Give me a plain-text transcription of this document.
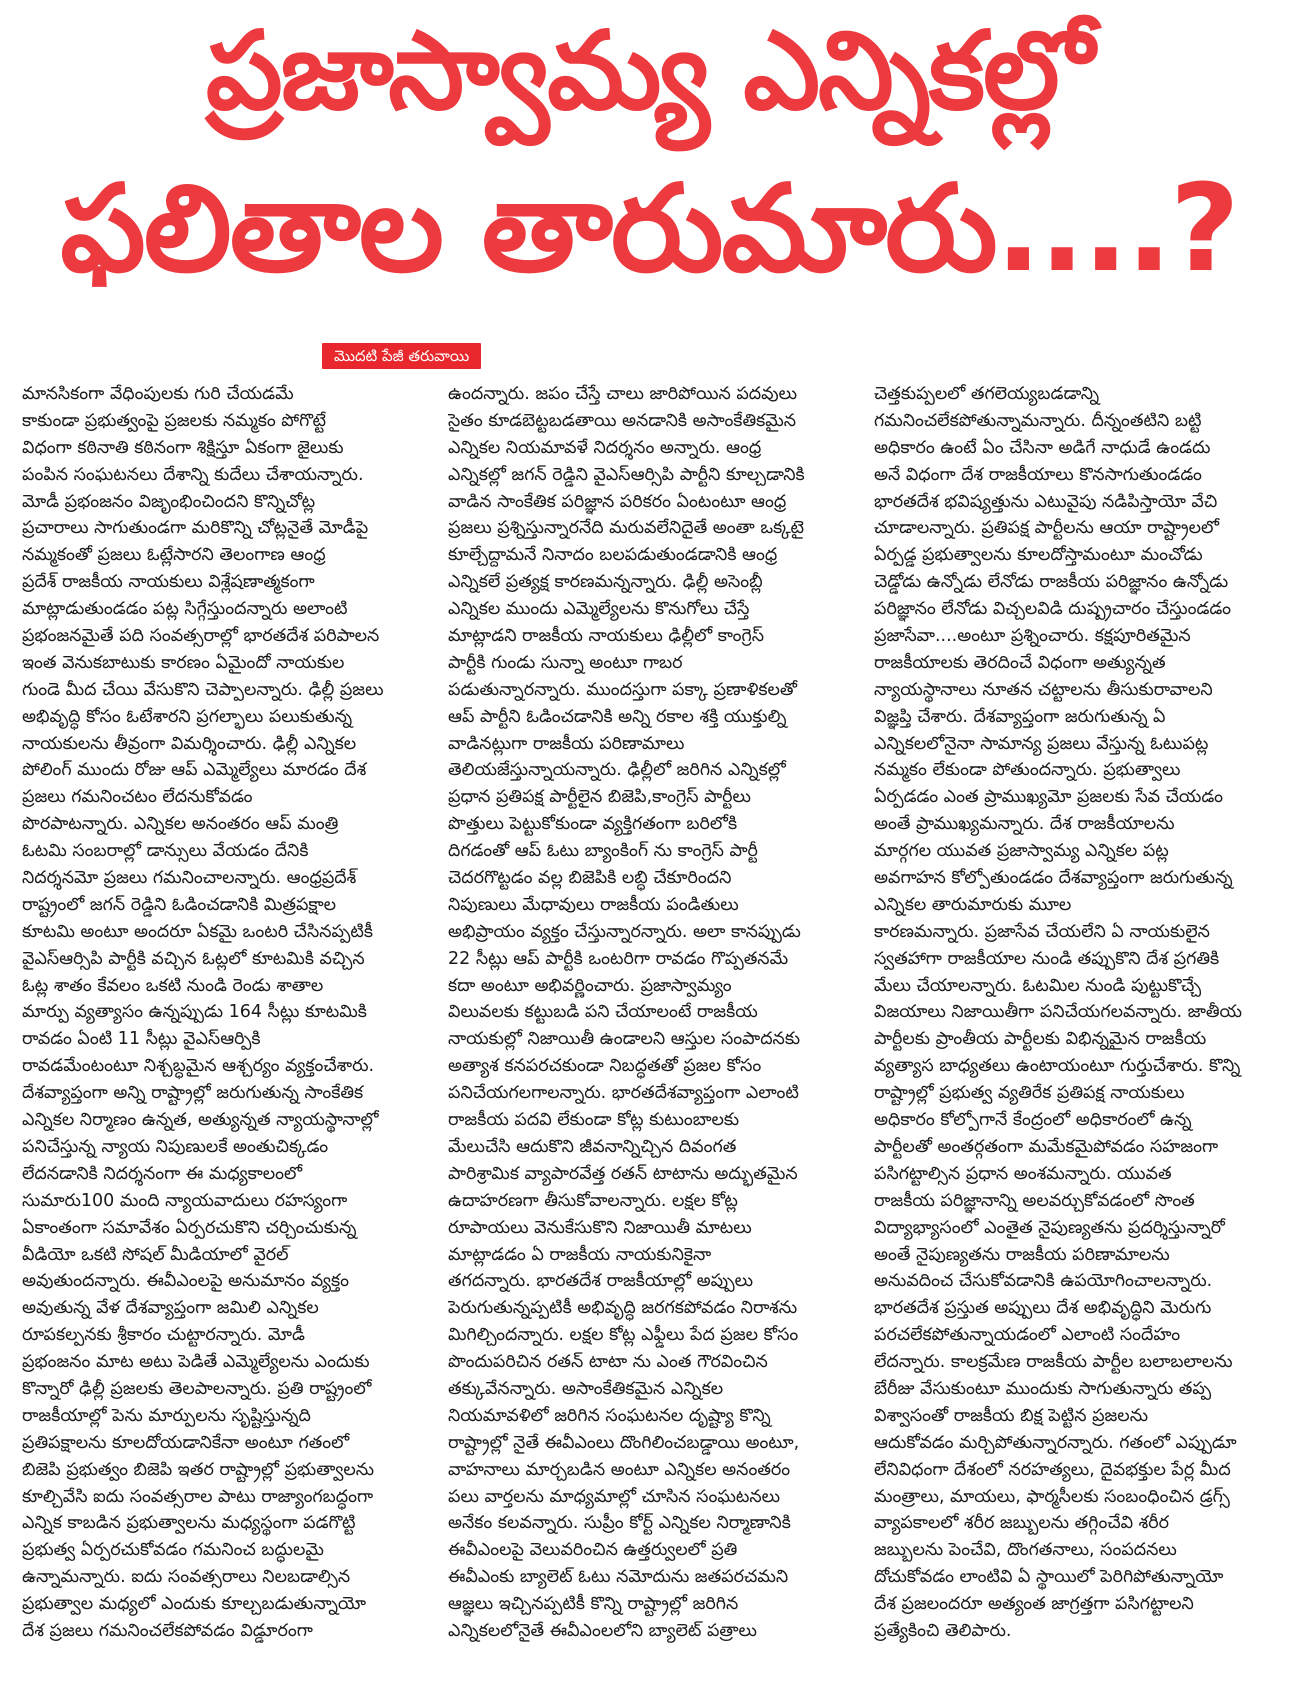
ప్రజాస్వామ్య ఎన్నికల్లో
ఫలితాల తారుమారు....?
మొదటి పేజీ తరువాయి
మానసికంగా వేధింపులకు గురి చేయడమే
కాకుండా ప్రభుత్వంపై ప్రజలకు నమ్మకం పోగొట్టే
విధంగా కఠినాతి కఠినంగా శిక్షిస్తూ ఏకంగా జైలుకు
పంపిన సంఘటనలు దేశాన్ని కుదేలు చేశాయన్నారు.
మోడీ ప్రభంజనం విజృంభించిందని కొన్నిచోట్ల
ప్రచారాలు సాగుతుండగా మరికొన్ని చోట్లనైతే మోడీపై
నమ్మకంతో ప్రజలు ఓట్లేసారని తెలంగాణ ఆంధ్ర
ప్రదేశ్ రాజకీయ నాయకులు విశ్లేషణాత్మకంగా
మాట్లాడుతుండడం పట్ల సిగ్గేస్తుందన్నారు అలాంటి
ప్రభంజనమైతే పది సంవత్సరాల్లో భారతదేశ పరిపాలన
ఇంత వెనుకబాటుకు కారణం ఏమైందో నాయకుల
గుండె మీద చేయి వేసుకొని చెప్పాలన్నారు. ఢిల్లీ ప్రజలు
అభివృద్ధి కోసం ఓటేశారని ప్రగల్భాలు పలుకుతున్న
నాయకులను తీవ్రంగా విమర్శించారు. ఢిల్లీ ఎన్నికల
పోలింగ్ ముందు రోజు ఆప్ ఎమ్మెల్యేలు మారడం దేశ
ప్రజలు గమనించటం లేదనుకోవడం
పొరపాటన్నారు. ఎన్నికల అనంతరం ఆప్ మంత్రి
ఓటమి సంబరాల్లో డాన్సులు వేయడం దేనికి
నిదర్శనమో ప్రజలు గమనించాలన్నారు. ఆంధ్రప్రదేశ్
రాష్ట్రంలో జగన్ రెడ్డిని ఓడించడానికి మిత్రపక్షాల
కూటమి అంటూ అందరూ ఏకమై ఒంటరి చేసినప్పటికీ
వైఎస్ఆర్సిపి పార్టీకి వచ్చిన ఓట్లలో కూటమికి వచ్చిన
ఓట్ల శాతం కేవలం ఒకటి నుండి రెండు శాతాల
మార్పు వ్యత్యాసం ఉన్నప్పుడు 164 సీట్లు కూటమికి
రావడం ఏంటి 11 సీట్లు వైఎస్ఆర్పికి
రావడమేంటంటూ నిశ్చబ్ధమైన ఆశ్చర్యం వ్యక్తంచేశారు.
దేశవ్యాప్తంగా అన్ని రాష్ట్రాల్లో జరుగుతున్న సాంకేతిక
ఎన్నికల నిర్మాణం ఉన్నత, అత్యున్నత న్యాయస్థానాల్లో
పనిచేస్తున్న న్యాయ నిపుణులకే అంతుచిక్కడం
లేదనడానికి నిదర్శనంగా ఈ మధ్యకాలంలో
సుమారు100 మంది న్యాయవాదులు రహస్యంగా
ఏకాంతంగా సమావేశం ఏర్పరచుకొని చర్చించుకున్న
వీడియో ఒకటి సోషల్ మీడియాలో వైరల్
అవుతుందన్నారు. ఈవీఎంలపై అనుమానం వ్యక్తం
అవుతున్న వేళ దేశవ్యాప్తంగా జమిలి ఎన్నికల
రూపకల్పనకు శ్రీకారం చుట్టారన్నారు. మోడీ
ప్రభంజనం మాట అటు పెడితే ఎమ్మెల్యేలను ఎందుకు
కొన్నారో ఢిల్లీ ప్రజలకు తెలపాలన్నారు. ప్రతి రాష్ట్రంలో
రాజకీయాల్లో పెను మార్పులను సృష్టిస్తున్నది
ప్రతిపక్షాలను కూలదోయడానికేనా అంటూ గతంలో
బిజెపి ప్రభుత్వం బిజెపి ఇతర రాష్ట్రాల్లో ప్రభుత్వాలను
కూల్చివేసి ఐదు సంవత్సరాల పాటు రాజ్యాంగబద్ధంగా
ఎన్నిక కాబడిన ప్రభుత్వాలను మధ్యస్థంగా పడగొట్టి
ప్రభుత్వ ఏర్పరచుకోవడం గమనించ బద్ధులమై
ఉన్నామన్నారు. ఐదు సంవత్సరాలు నిలబడాల్సిన
ప్రభుత్వాల మధ్యలో ఎందుకు కూల్చబడుతున్నాయో
దేశ ప్రజలు గమనించలేకపోవడం విడ్డూరంగా
ఉందన్నారు. జపం చేస్తే చాలు జారిపోయిన పదవులు
సైతం కూడబెట్టబడతాయి అనడానికి అసాంకేతికమైన
ఎన్నికల నియమావళే నిదర్శనం అన్నారు. ఆంధ్ర
ఎన్నికల్లో జగన్ రెడ్డిని వైఎస్ఆర్సిపి పార్టీని కూల్చడానికి
వాడిన సాంకేతిక పరిజ్ఞాన పరికరం ఏంటంటూ ఆంధ్ర
ప్రజలు ప్రశ్నిస్తున్నారనేది మరువలేనిదైతే అంతా ఒక్కటై
కూల్చేద్దామనే నినాదం బలపడుతుండడానికి ఆంధ్ర
ఎన్నికలే ప్రత్యక్ష కారణమన్నన్నారు. ఢిల్లీ అసెంబ్లీ
ఎన్నికల ముందు ఎమ్మెల్యేలను కొనుగోలు చేస్తే
మాట్లాడని రాజకీయ నాయకులు ఢిల్లీలో కాంగ్రెస్
పార్టీకి గుండు సున్నా అంటూ గాబర
పడుతున్నారన్నారు. ముందస్తుగా పక్కా ప్రణాళికలతో
ఆప్ పార్టీని ఓడించడానికి అన్ని రకాల శక్తి యుక్తుల్ని
వాడినట్లుగా రాజకీయ పరిణామాలు
తెలియజేస్తున్నాయన్నారు. ఢిల్లీలో జరిగిన ఎన్నికల్లో
ప్రధాన ప్రతిపక్ష పార్టీలైన బిజెపి,కాంగ్రెస్ పార్టీలు
పొత్తులు పెట్టుకోకుండా వ్యక్తిగతంగా బరిలోకి
దిగడంతో ఆప్ ఓటు బ్యాంకింగ్ ను కాంగ్రెస్ పార్టీ
చెదరగొట్టడం వల్ల బిజెపికి లబ్ధి చేకూరిందని
నిపుణులు మేధావులు రాజకీయ పండితులు
అభిప్రాయం వ్యక్తం చేస్తున్నారన్నారు. అలా కానప్పుడు
22 సీట్లు ఆప్ పార్టీకి ఒంటరిగా రావడం గొప్పతనమే
కదా అంటూ అభివర్ణించారు. ప్రజాస్వామ్యం
విలువలకు కట్టుబడి పని చేయాలంటే రాజకీయ
నాయకుల్లో నిజాయితీ ఉండాలని ఆస్తుల సంపాదనకు
అత్యాశ కనపరచకుండా నిబద్ధతతో ప్రజల కోసం
పనిచేయగలగాలన్నారు. భారతదేశవ్యాప్తంగా ఎలాంటి
రాజకీయ పదవి లేకుండా కోట్ల కుటుంబాలకు
మేలుచేసి ఆదుకొని జీవనాన్నిచ్చిన దివంగత
పారిశ్రామిక వ్యాపారవేత్త రతన్ టాటాను అద్భుతమైన
ఉదాహరణగా తీసుకోవాలన్నారు. లక్షల కోట్ల
రూపాయలు వెనుకేసుకొని నిజాయితీ మాటలు
మాట్లాడడం ఏ రాజకీయ నాయకునికైనా
తగదన్నారు. భారతదేశ రాజకీయాల్లో అప్పులు
పెరుగుతున్నప్పటికీ అభివృద్ధి జరగకపోవడం నిరాశను
మిగిల్చిందన్నారు. లక్షల కోట్ల ఎఫ్డీలు పేద ప్రజల కోసం
పొందుపరిచిన రతన్ టాటా ను ఎంత గౌరవించిన
తక్కువేనన్నారు. అసాంకేతికమైన ఎన్నికల
నియమావళిలో జరిగిన సంఘటనల దృష్ట్యా కొన్ని
రాష్ట్రాల్లో నైతే ఈవీఎంలు దొంగిలించబడ్డాయి అంటూ,
వాహనాలు మార్చబడిన అంటూ ఎన్నికల అనంతరం
పలు వార్తలను మాధ్యమాల్లో చూసిన సంఘటనలు
అనేకం కలవన్నారు. సుప్రీం కోర్ట్ ఎన్నికల నిర్మాణానికి
ఈవీఎంలపై వెలువరించిన ఉత్తర్వులలో ప్రతి
ఈవీఎంకు బ్యాలెట్ ఓటు నమోదును జతపరచమని
ఆజ్ఞలు ఇచ్చినప్పటికీ కొన్ని రాష్ట్రాల్లో జరిగిన
ఎన్నికలలోనైతే ఈవీఎంలలోని బ్యాలెట్ పత్రాలు
చెత్తకుప్పలలో తగలెయ్యబడడాన్ని
గమనించలేకపోతున్నామన్నారు. దీన్నంతటిని బట్టి
అధికారం ఉంటే ఏం చేసినా అడిగే నాధుడే ఉండదు
అనే విధంగా దేశ రాజకీయాలు కొనసాగుతుండడం
భారతదేశ భవిష్యత్తును ఎటువైపు నడిపిస్తాయో వేచి
చూడాలన్నారు. ప్రతిపక్ష పార్టీలను ఆయా రాష్ట్రాలలో
ఏర్పడ్డ ప్రభుత్వాలను కూలదోస్తామంటూ మంచోడు
చెడ్డోడు ఉన్నోడు లేనోడు రాజకీయ పరిజ్ఞానం ఉన్నోడు
పరిజ్ఞానం లేనోడు విచ్చలవిడి దుష్ప్రచారం చేస్తుండడం
ప్రజాసేవా....అంటూ ప్రశ్నించారు. కక్షపూరితమైన
రాజకీయాలకు తెరదించే విధంగా అత్యున్నత
న్యాయస్థానాలు నూతన చట్టాలను తీసుకురావాలని
విజ్ఞప్తి చేశారు. దేశవ్యాప్తంగా జరుగుతున్న ఏ
ఎన్నికలలోనైనా సామాన్య ప్రజలు వేస్తున్న ఓటుపట్ల
నమ్మకం లేకుండా పోతుందన్నారు. ప్రభుత్వాలు
ఏర్పడడం ఎంత ప్రాముఖ్యమో ప్రజలకు సేవ చేయడం
అంతే ప్రాముఖ్యమన్నారు. దేశ రాజకీయాలను
మార్గగల యువత ప్రజాస్వామ్య ఎన్నికల పట్ల
అవగాహన కోల్పోతుండడం దేశవ్యాప్తంగా జరుగుతున్న
ఎన్నికల తారుమారుకు మూల
కారణమన్నారు. ప్రజాసేవ చేయలేని ఏ నాయకులైన
స్వతహాగా రాజకీయాల నుండి తప్పుకొని దేశ ప్రగతికి
మేలు చేయాలన్నారు. ఓటమిల నుండి పుట్టుకొచ్చే
విజయాలు నిజాయితీగా పనిచేయగలవన్నారు. జాతీయ
పార్టీలకు ప్రాంతీయ పార్టీలకు విభిన్నమైన రాజకీయ
వ్యత్యాస బాధ్యతలు ఉంటాయంటూ గుర్తుచేశారు. కొన్ని
రాష్ట్రాల్లో ప్రభుత్వ వ్యతిరేక ప్రతిపక్ష నాయకులు
అధికారం కోల్పోగానే కేంద్రంలో అధికారంలో ఉన్న
పార్టీలతో అంతర్గతంగా మమేకమైపోవడం సహజంగా
పసిగట్టాల్సిన ప్రధాన అంశమన్నారు. యువత
రాజకీయ పరిజ్ఞానాన్ని అలవర్చుకోవడంలో సొంత
విద్యాభ్యాసంలో ఎంతైత నైపుణ్యతను ప్రదర్శిస్తున్నారో
అంతే నైపుణ్యతను రాజకీయ పరిణామాలను
అనువదించ చేసుకోవడానికి ఉపయోగించాలన్నారు.
భారతదేశ ప్రస్తుత అప్పులు దేశ అభివృద్ధిని మెరుగు
పరచలేకపోతున్నాయడంలో ఎలాంటి సందేహం
లేదన్నారు. కాలక్రమేణ రాజకీయ పార్టీల బలాబలాలను
బేరీజు వేసుకుంటూ ముందుకు సాగుతున్నారు తప్ప
విశ్వాసంతో రాజకీయ బిక్ష పెట్టిన ప్రజలను
ఆదుకోవడం మర్చిపోతున్నారన్నారు. గతంలో ఎప్పుడూ
లేనివిధంగా దేశంలో నరహత్యలు, దైవభక్తుల పేర్ల మీద
మంత్రాలు, మాయలు, ఫార్మసీలకు సంబంధించిన డ్రగ్స్
వ్యాపకాలలో శరీర జబ్బులను తగ్గించేవి శరీర
జబ్బులను పెంచేవి, దొంగతనాలు, సంపదనలు
దోచుకోవడం లాంటివి ఏ స్థాయిలో పెరిగిపోతున్నాయో
దేశ ప్రజలందరూ అత్యంత జాగ్రత్తగా పసిగట్టాలని
ప్రత్యేకించి తెలిపారు.
